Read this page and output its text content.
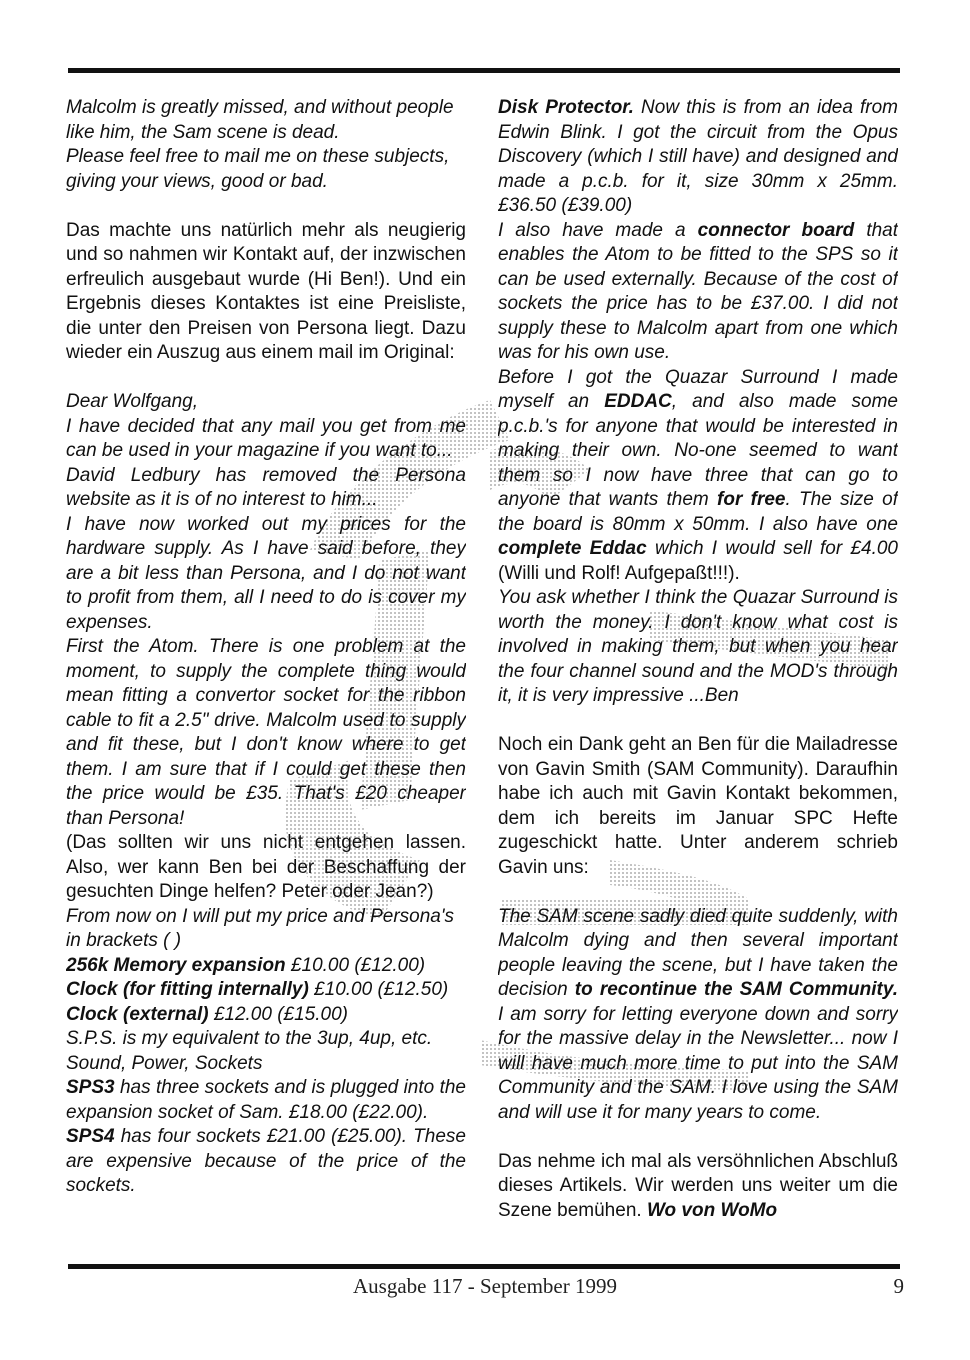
Malcolm is greatly missed, and without people like him, the Sam scene is dead.

Please feel free to mail me on these subjects, giving your views, good or bad.

Das machte uns natürlich mehr als neugierig und so nahmen wir Kontakt auf, der inzwischen erfreulich ausgebaut wurde (Hi Ben!). Und ein Ergebnis dieses Kontaktes ist eine Preisliste, die unter den Preisen von Persona liegt. Dazu wieder ein Auszug aus einem mail im Original:

Dear Wolfgang,

I have decided that any mail you get from me can be used in your magazine if you want to...

David Ledbury has removed the Persona website as it is of no interest to him...

I have now worked out my prices for the hardware supply. As I have said before, they are a bit less than Persona, and I do not want to profit from them, all I need to do is cover my expenses.

First the Atom. There is one problem at the moment, to supply the complete thing would mean fitting a convertor socket for the ribbon cable to fit a 2.5" drive. Malcolm used to supply and fit these, but I don't know where to get them. I am sure that if I could get these then the price would be £35. That's £20 cheaper than Persona!

(Das sollten wir uns nicht entgehen lassen. Also, wer kann Ben bei der Beschaffung der gesuchten Dinge helfen? Peter oder Jean?)

From now on I will put my price and Persona's in brackets ( )

256k Memory expansion £10.00 (£12.00)

Clock (for fitting internally) £10.00 (£12.50)

Clock (external) £12.00 (£15.00)

S.P.S. is my equivalent to the 3up, 4up, etc. Sound, Power, Sockets

SPS3 has three sockets and is plugged into the expansion socket of Sam. £18.00 (£22.00).

SPS4 has four sockets £21.00 (£25.00). These are expensive because of the price of the sockets.

Disk Protector. Now this is from an idea from Edwin Blink. I got the circuit from the Opus Discovery (which I still have) and designed and made a p.c.b. for it, size 30mm x 25mm. £36.50 (£39.00)

I also have made a connector board that enables the Atom to be fitted to the SPS so it can be used externally. Because of the cost of sockets the price has to be £37.00. I did not supply these to Malcolm apart from one which was for his own use.

Before I got the Quazar Surround I made myself an EDDAC, and also made some p.c.b.'s for anyone that would be interested in making their own. No-one seemed to want them so I now have three that can go to anyone that wants them for free. The size of the board is 80mm x 50mm. I also have one complete Eddac which I would sell for £4.00 (Willi und Rolf! Aufgepaßt!!!).

You ask whether I think the Quazar Surround is worth the money. I don't know what cost is involved in making them, but when you hear the four channel sound and the MOD's through it, it is very impressive ...Ben

Noch ein Dank geht an Ben für die Mailadresse von Gavin Smith (SAM Community). Daraufhin habe ich auch mit Gavin Kontakt bekommen, dem ich bereits im Januar SPC Hefte zugeschickt hatte. Unter anderem schrieb Gavin uns:

The SAM scene sadly died quite suddenly, with Malcolm dying and then several important people leaving the scene, but I have taken the decision to recontinue the SAM Community. I am sorry for letting everyone down and sorry for the massive delay in the Newsletter... now I will have much more time to put into the SAM Community and the SAM. I love using the SAM and will use it for many years to come.

Das nehme ich mal als versöhnlichen Abschluß dieses Artikels. Wir werden uns weiter um die Szene bemühen. Wo von WoMo

Ausgabe 117 - September 1999	9
